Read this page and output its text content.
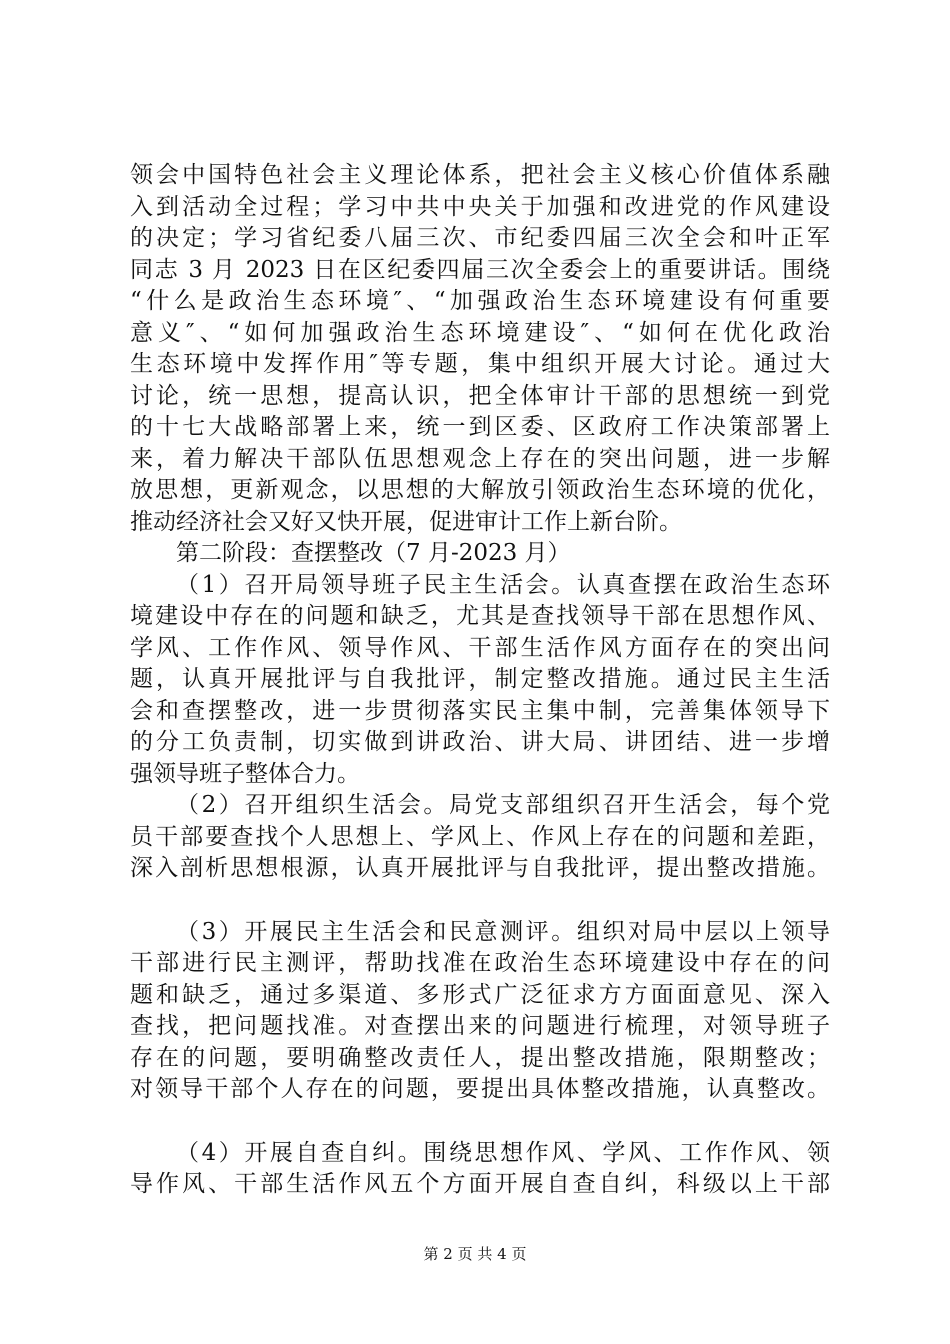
领会中国特色社会主义理论体系，把社会主义核心价值体系融
入到活动全过程；学习中共中央关于加强和改进党的作风建设
的决定；学习省纪委八届三次、市纪委四届三次全会和叶正军
同志 3 月 2023 日在区纪委四届三次全委会上的重要讲话。围绕
“什么是政治生态环境″、“加强政治生态环境建设有何重要
意义″、“如何加强政治生态环境建设″、“如何在优化政治
生态环境中发挥作用″等专题，集中组织开展大讨论。通过大
讨论，统一思想，提高认识，把全体审计干部的思想统一到党
的十七大战略部署上来，统一到区委、区政府工作决策部署上
来，着力解决干部队伍思想观念上存在的突出问题，进一步解
放思想，更新观念，以思想的大解放引领政治生态环境的优化，
推动经济社会又好又快开展，促进审计工作上新台阶。
第二阶段：查摆整改（7 月-2023 月）
（1）召开局领导班子民主生活会。认真查摆在政治生态环
境建设中存在的问题和缺乏，尤其是查找领导干部在思想作风、
学风、工作作风、领导作风、干部生活作风方面存在的突出问
题，认真开展批评与自我批评，制定整改措施。通过民主生活
会和查摆整改，进一步贯彻落实民主集中制，完善集体领导下
的分工负责制，切实做到讲政治、讲大局、讲团结、进一步增
强领导班子整体合力。
（2）召开组织生活会。局党支部组织召开生活会，每个党
员干部要查找个人思想上、学风上、作风上存在的问题和差距，
深入剖析思想根源，认真开展批评与自我批评，提出整改措施。
（3）开展民主生活会和民意测评。组织对局中层以上领导
干部进行民主测评，帮助找准在政治生态环境建设中存在的问
题和缺乏，通过多渠道、多形式广泛征求方方面面意见、深入
查找，把问题找准。对查摆出来的问题进行梳理，对领导班子
存在的问题，要明确整改责任人，提出整改措施，限期整改；
对领导干部个人存在的问题，要提出具体整改措施，认真整改。
（4）开展自查自纠。围绕思想作风、学风、工作作风、领
导作风、干部生活作风五个方面开展自查自纠，科级以上干部
第 2 页 共 4 页
